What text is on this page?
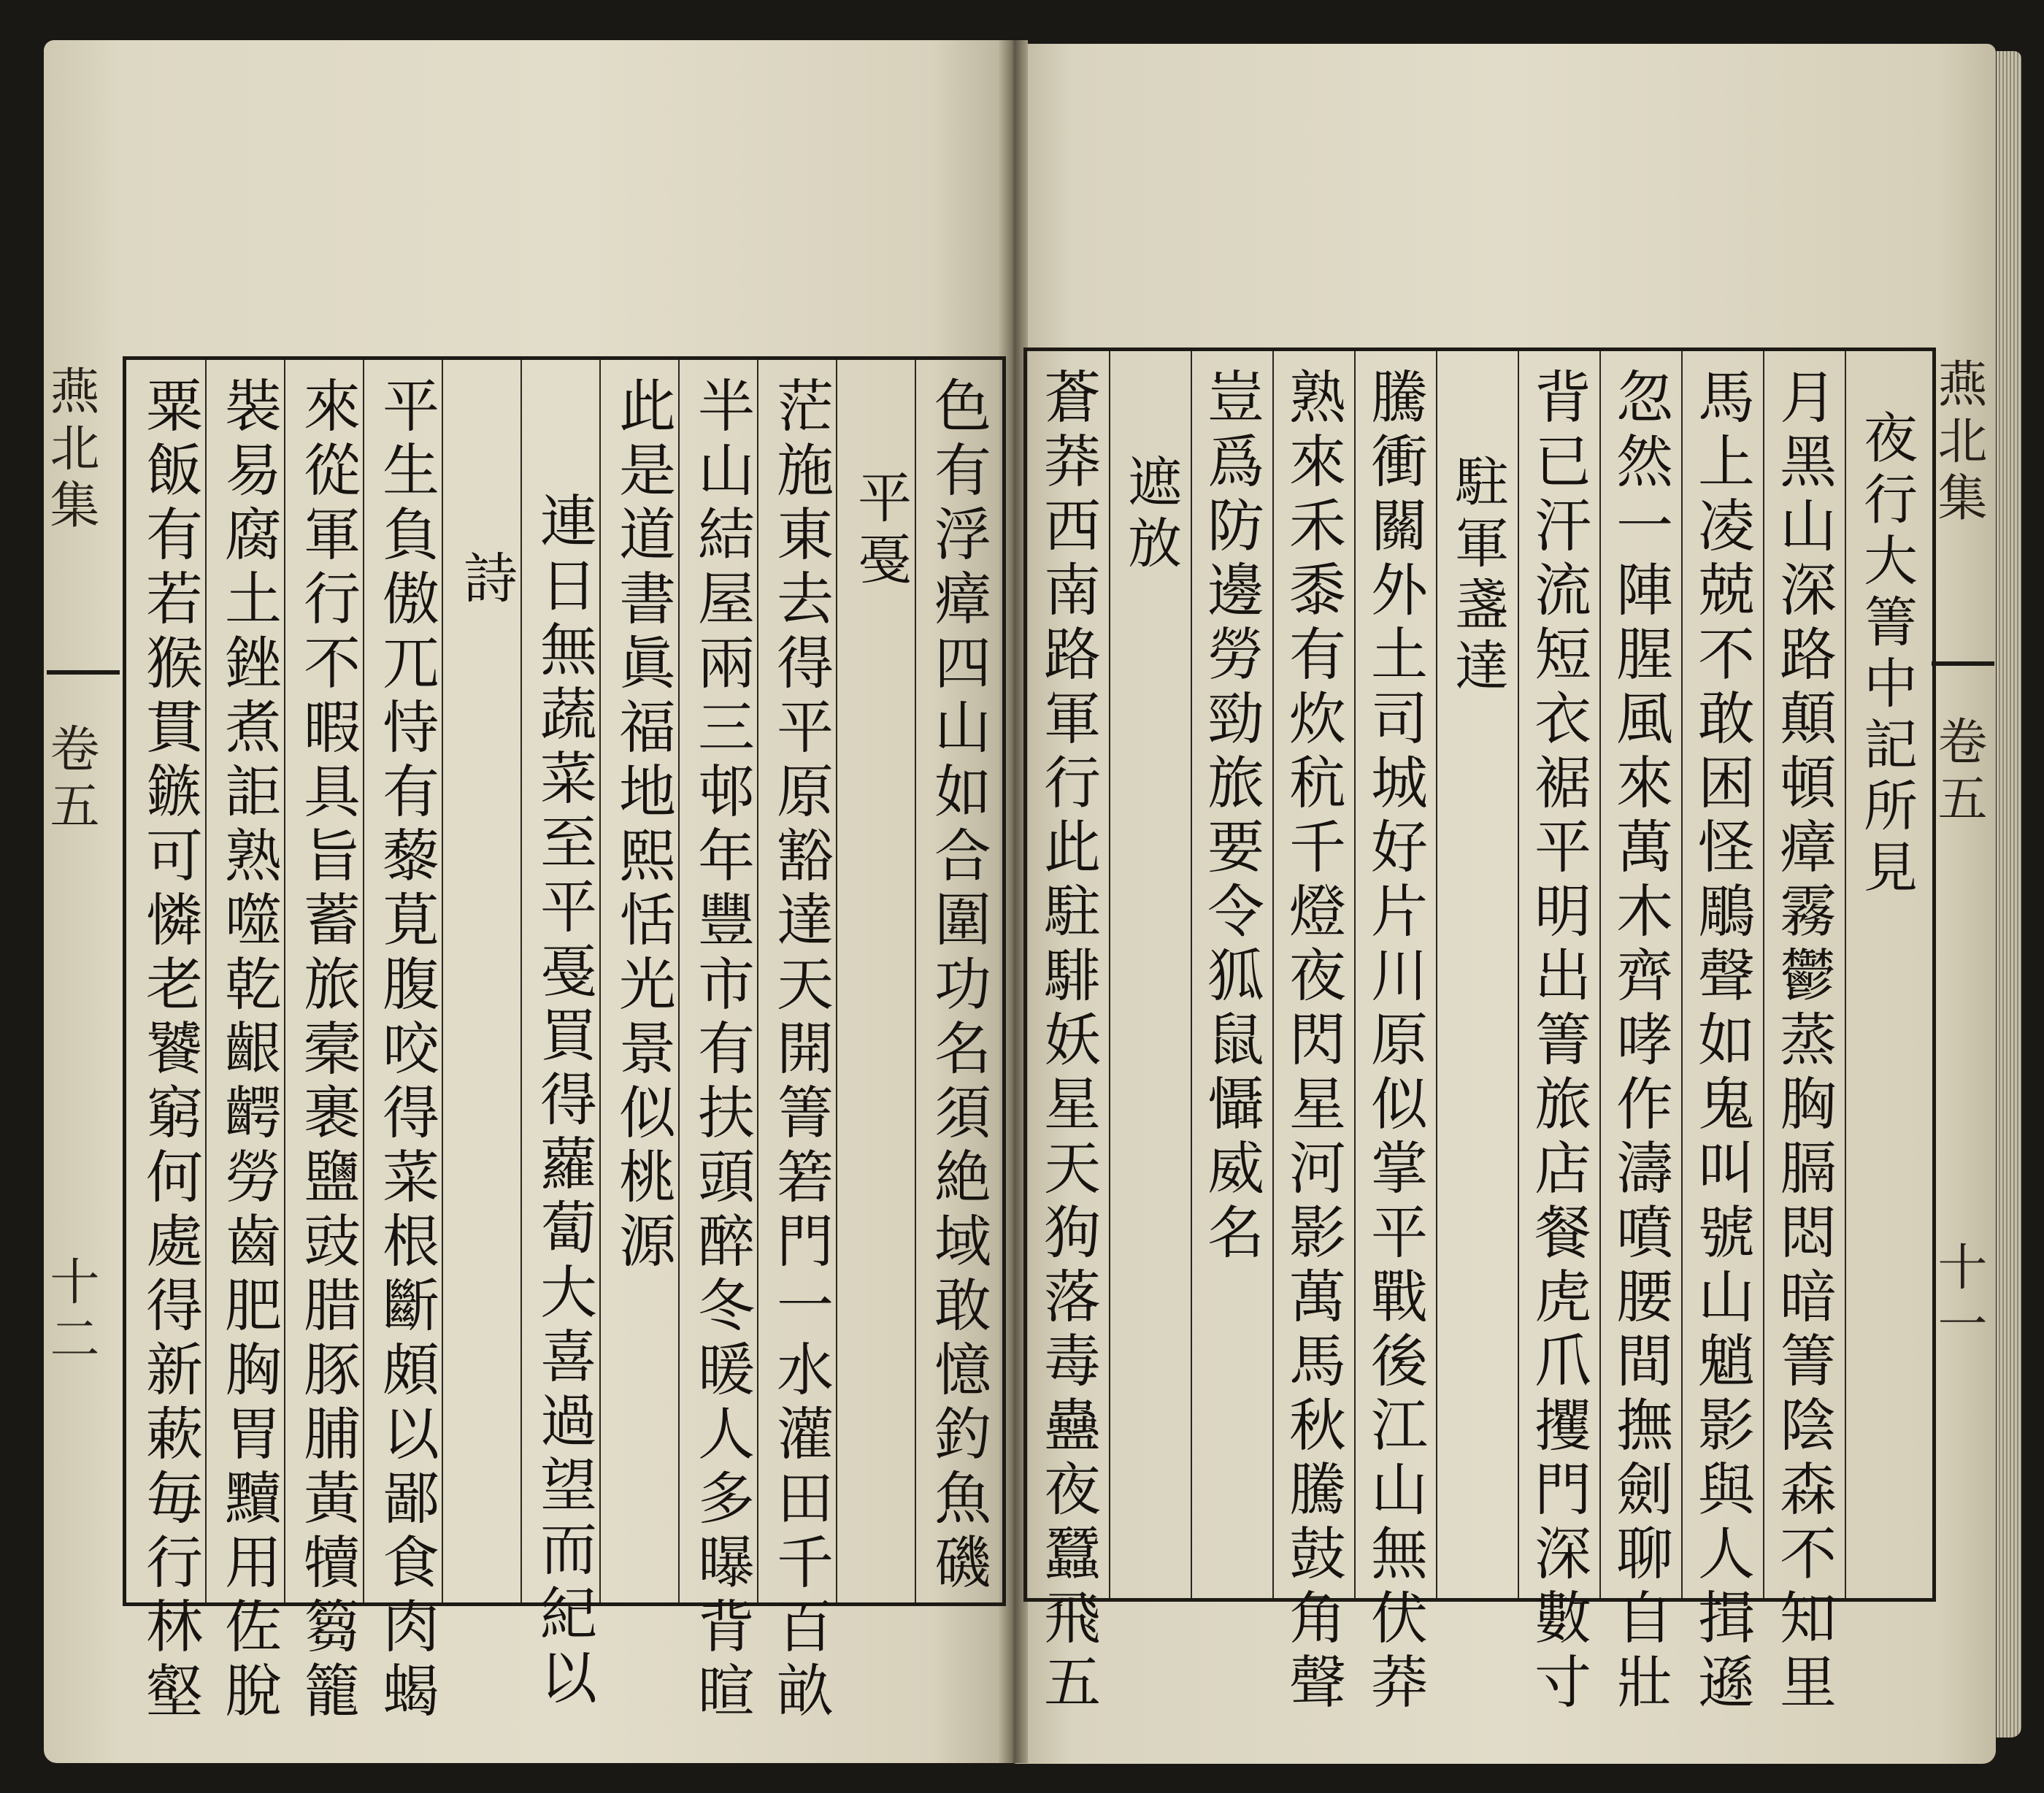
色有浮瘴四山如合圍功名須絶域敢憶釣魚磯
平戞
茫施東去得平原豁達天開箐箬門一水灌田千百畝
半山結屋兩三邨年豐市有扶頭醉冬暖人多曝背暄
此是道書眞福地熙恬光景似桃源
連日無蔬菜至平戞買得蘿蔔大喜過望而紀以
詩
平生負傲兀恃有藜莧腹咬得菜根斷頗以鄙食肉蝎
來從軍行不暇具旨蓄旅槖裹鹽豉腊豚脯黃犢篘籠
裝易腐土銼煮詎熟噬乾齦齶勞齒肥胸胃黷用佐脫
粟飯有若猴貫鏃可憐老饕窮何處得新蔌毎行林壑
燕北集
卷五
十二
夜行大箐中記所見
月黑山深路顛頓瘴霧鬱蒸胸膈悶暗箐陰森不知里
馬上凌兢不敢困怪鵰聲如鬼叫號山魈影與人揖遜
忽然一陣腥風來萬木齊哮作濤噴腰間撫劍聊自壯
背已汗流短衣裾平明出箐旅店餐虎爪攫門深數寸
駐軍盞達
騰衝關外土司城好片川原似掌平戰後江山無伏莽
熟來禾黍有炊秔千燈夜閃星河影萬馬秋騰鼓角聲
豈爲防邊勞勁旅要令狐鼠懾威名
遮放
蒼莽西南路軍行此駐騑妖星天狗落毒蠱夜蠶飛五	燕北集
卷五
十一
